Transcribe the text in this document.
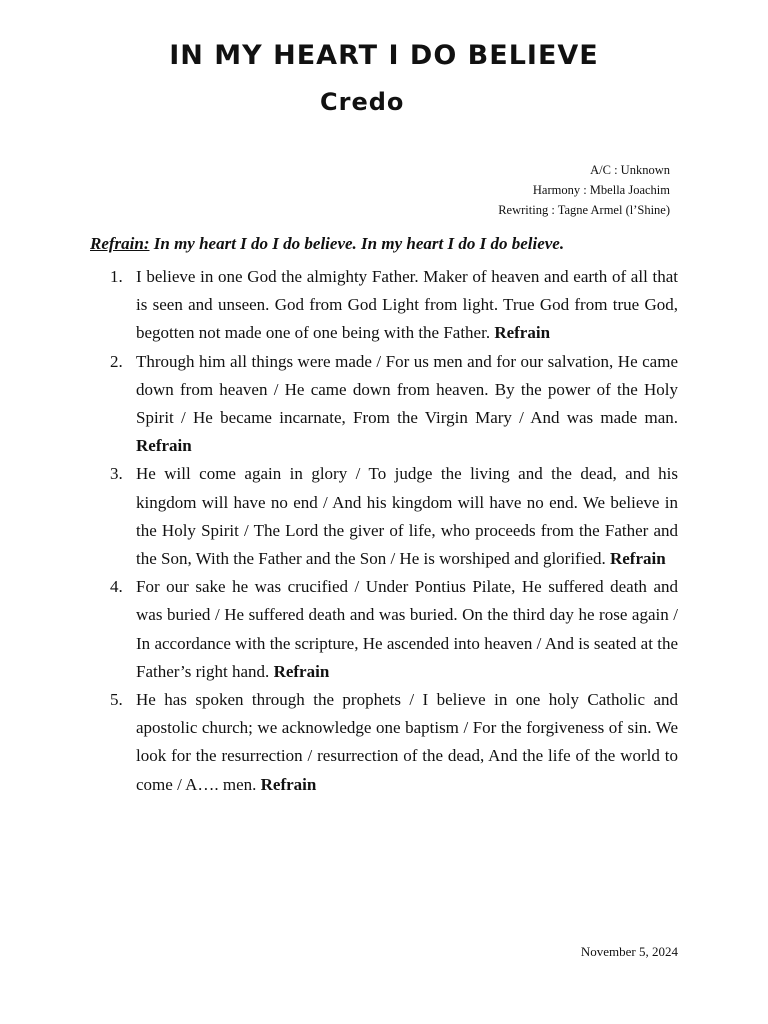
IN MY HEART I DO BELIEVE
Credo
A/C : Unknown
Harmony : Mbella Joachim
Rewriting : Tagne Armel (l’Shine)
Refrain: In my heart I do I do believe. In my heart I do I do believe.
1. I believe in one God the almighty Father. Maker of heaven and earth of all that is seen and unseen. God from God Light from light. True God from true God, begotten not made one of one being with the Father. Refrain
2. Through him all things were made / For us men and for our salvation, He came down from heaven / He came down from heaven. By the power of the Holy Spirit / He became incarnate, From the Virgin Mary / And was made man. Refrain
3. He will come again in glory / To judge the living and the dead, and his kingdom will have no end / And his kingdom will have no end. We believe in the Holy Spirit / The Lord the giver of life, who proceeds from the Father and the Son, With the Father and the Son / He is worshiped and glorified. Refrain
4. For our sake he was crucified / Under Pontius Pilate, He suffered death and was buried / He suffered death and was buried. On the third day he rose again / In accordance with the scripture, He ascended into heaven / And is seated at the Father’s right hand. Refrain
5. He has spoken through the prophets / I believe in one holy Catholic and apostolic church; we acknowledge one baptism / For the forgiveness of sin. We look for the resurrection / resurrection of the dead, And the life of the world to come / A…. men. Refrain
November 5, 2024
